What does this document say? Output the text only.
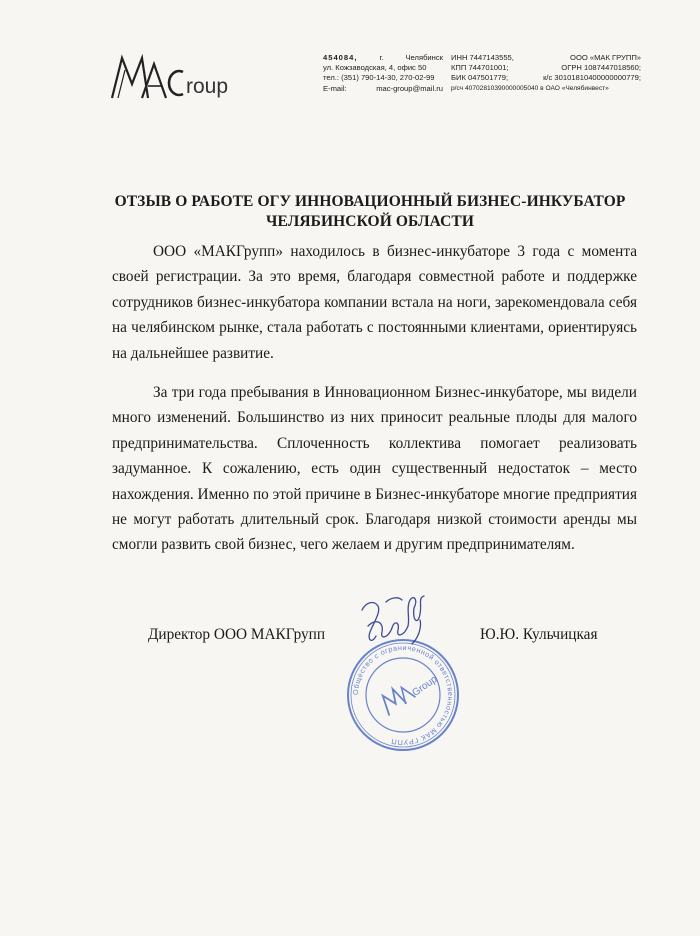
roup
454084,	г.	Челябинск
ул. Кожзаводская, 4, офис 50
тел.: (351) 790-14-30, 270-02-99
E-mail:	mac-group@mail.ru
ИНН 7447143555,	ООО «МАК ГРУПП»
КПП 744701001;	ОГРН 1087447018560;
БИК 047501779;	к/с 30101810400000000779;
р/сч 40702810390000005040 в ОАО «Челябинвест»
ОТЗЫВ О РАБОТЕ ОГУ ИННОВАЦИОННЫЙ БИЗНЕС-ИНКУБАТОР ЧЕЛЯБИНСКОЙ ОБЛАСТИ
ООО «МАКГрупп» находилось в бизнес-инкубаторе 3 года с момента своей регистрации. За это время, благодаря совместной работе и поддержке сотрудников бизнес-инкубатора компании встала на ноги, зарекомендовала себя на челябинском рынке, стала работать с постоянными клиентами, ориентируясь на дальнейшее развитие.
За три года пребывания в Инновационном Бизнес-инкубаторе, мы видели много изменений. Большинство из них приносит реальные плоды для малого предпринимательства. Сплоченность коллектива помогает реализовать задуманное. К сожалению, есть один существенный недостаток – место нахождения. Именно по этой причине в Бизнес-инкубаторе многие предприятия не могут работать длительный срок. Благодаря низкой стоимости аренды мы смогли развить свой бизнес, чего желаем и другим предпринимателям.
Директор ООО МАКГрупп	Ю.Ю. Кульчицкая
Общество с ограниченной ответственностью МАК ГРУПП
Group
